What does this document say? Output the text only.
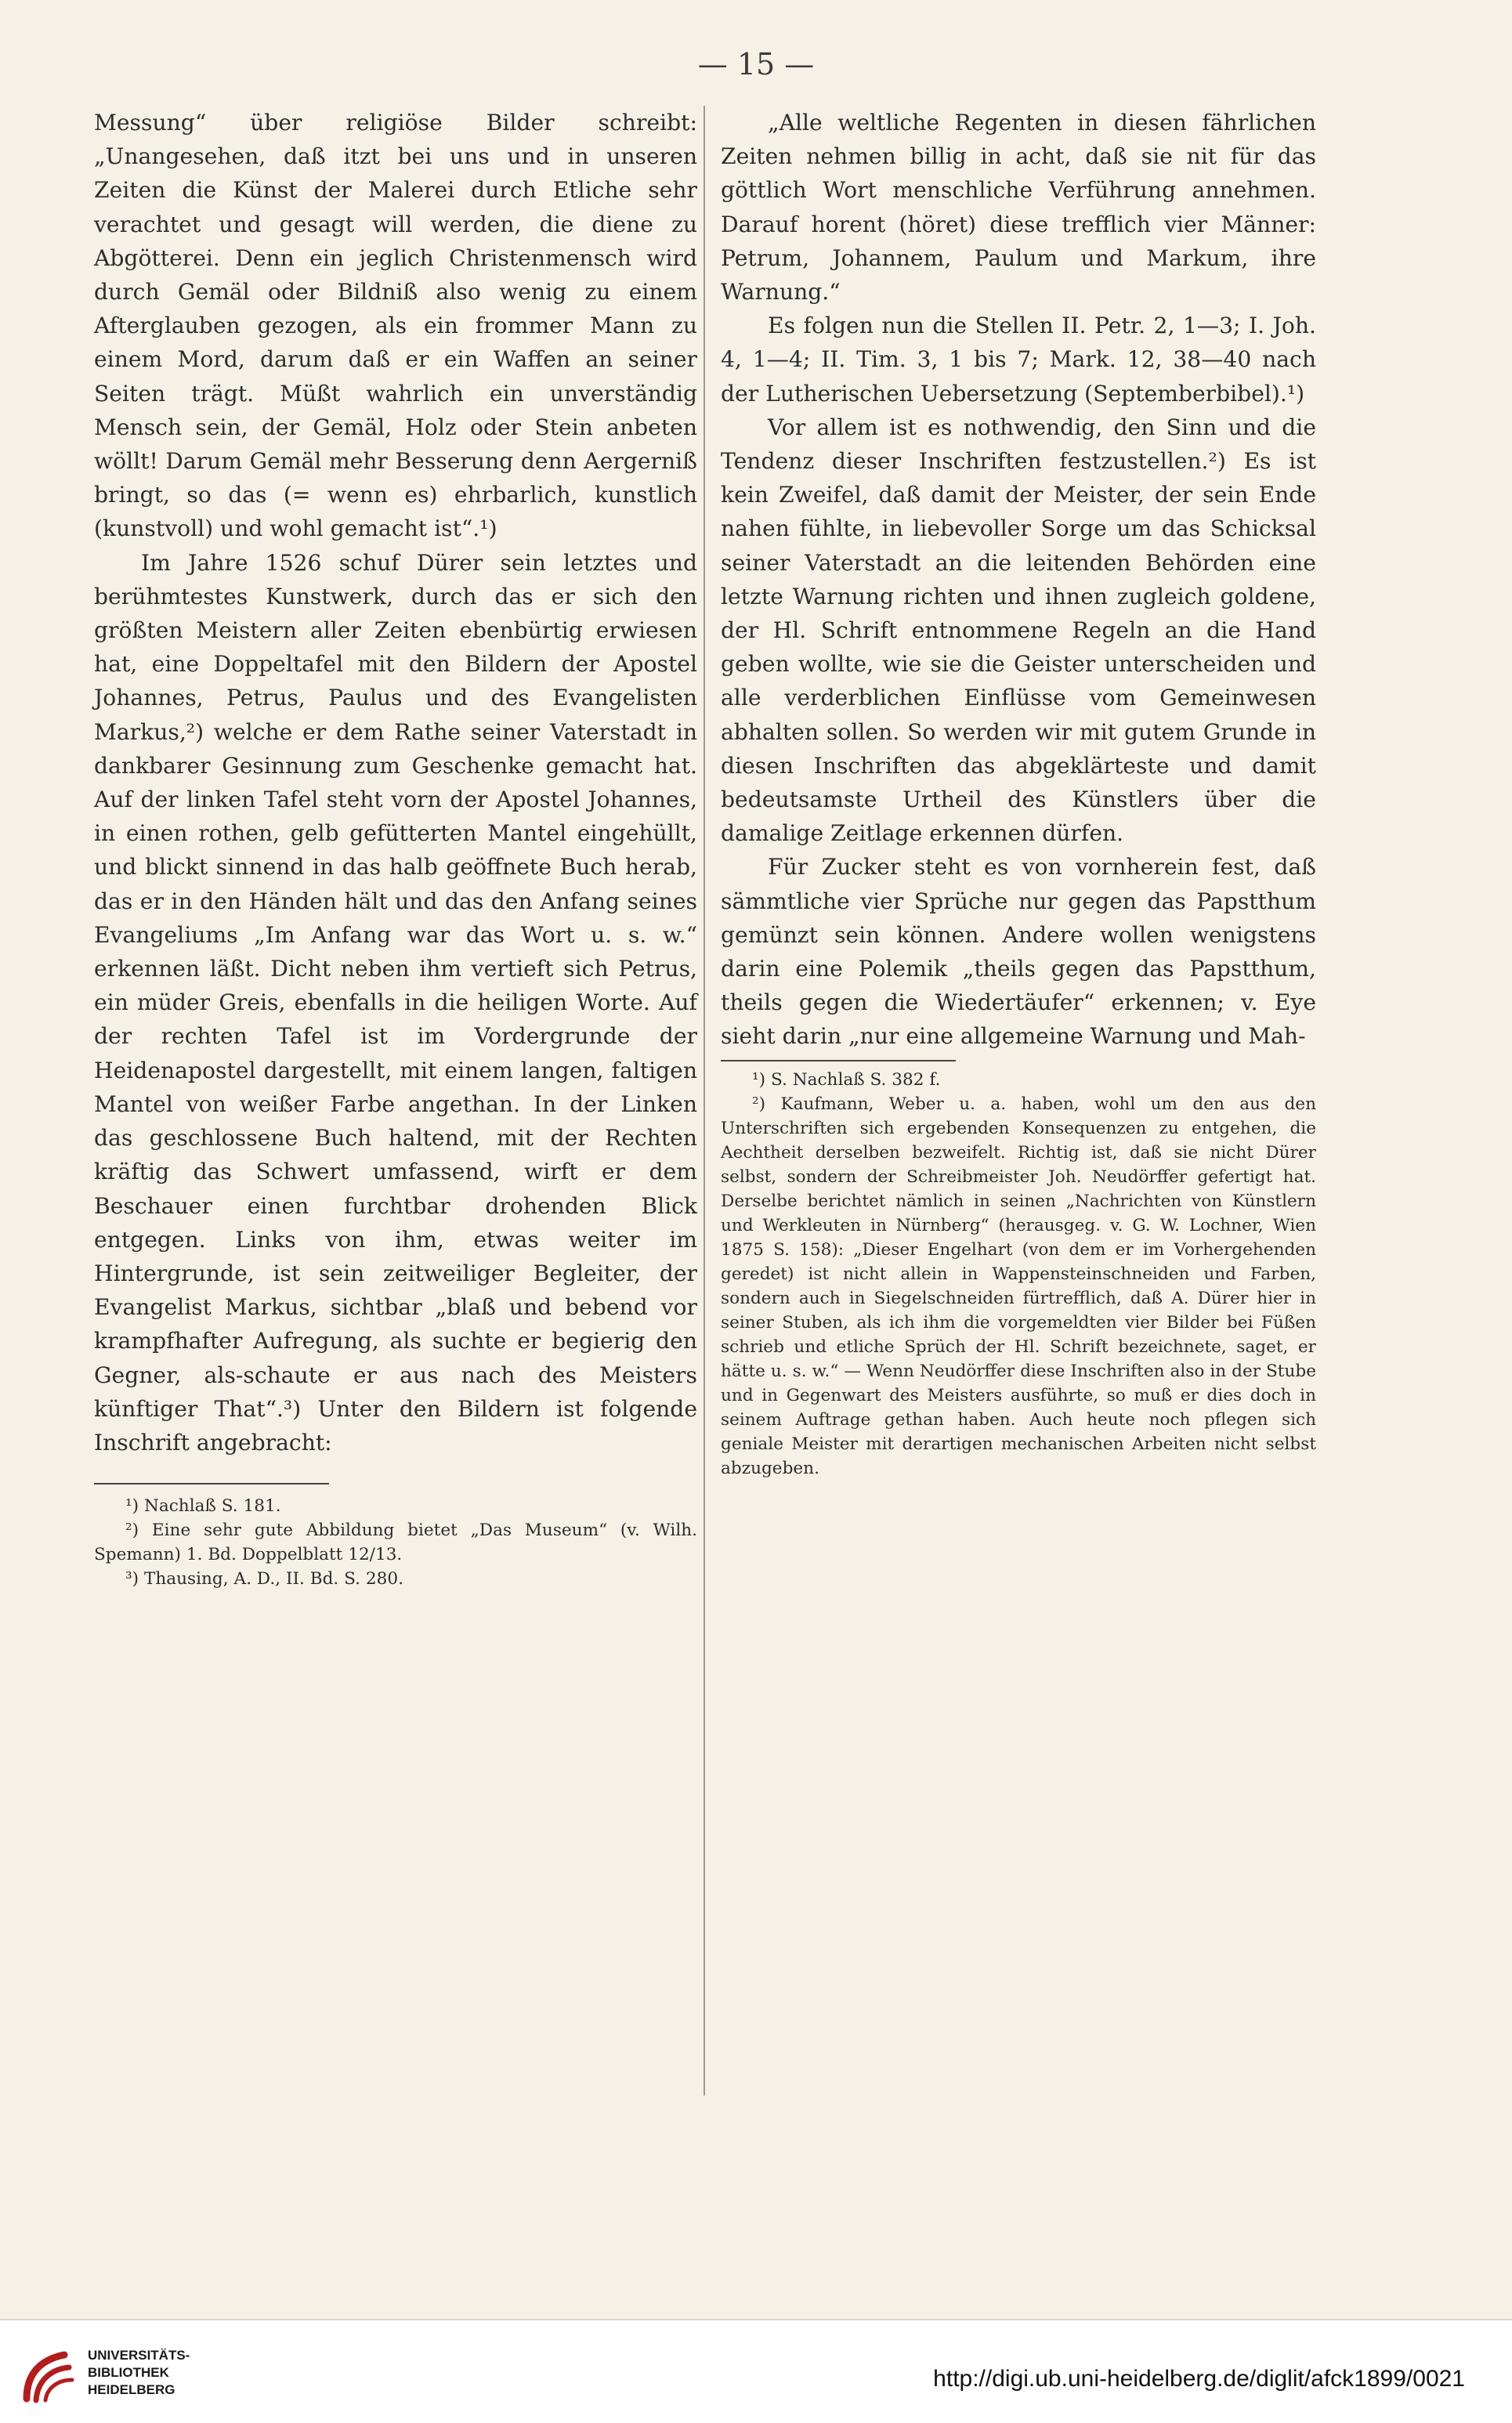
— 15 —

Messung“ über religiöse Bilder schreibt: „Unangesehen, daß itzt bei uns und in unseren Zeiten die Künst der Malerei durch Etliche sehr verachtet und gesagt will werden, die diene zu Abgötterei. Denn ein jeglich Christenmensch wird durch Gemäl oder Bildniß also wenig zu einem Afterglauben gezogen, als ein frommer Mann zu einem Mord, darum daß er ein Waffen an seiner Seiten trägt. Müßt wahrlich ein unverständig Mensch sein, der Gemäl, Holz oder Stein anbeten wöllt! Darum Gemäl mehr Besserung denn Aergerniß bringt, so das (= wenn es) ehrbarlich, kunstlich (kunstvoll) und wohl gemacht ist“.¹)

Im Jahre 1526 schuf Dürer sein letztes und berühmtestes Kunstwerk, durch das er sich den größten Meistern aller Zeiten ebenbürtig erwiesen hat, eine Doppeltafel mit den Bildern der Apostel Johannes, Petrus, Paulus und des Evangelisten Markus,²) welche er dem Rathe seiner Vaterstadt in dankbarer Gesinnung zum Geschenke gemacht hat. Auf der linken Tafel steht vorn der Apostel Johannes, in einen rothen, gelb gefütterten Mantel eingehüllt, und blickt sinnend in das halb geöffnete Buch herab, das er in den Händen hält und das den Anfang seines Evangeliums „Im Anfang war das Wort u. s. w.“ erkennen läßt. Dicht neben ihm vertieft sich Petrus, ein müder Greis, ebenfalls in die heiligen Worte. Auf der rechten Tafel ist im Vordergrunde der Heidenapostel dargestellt, mit einem langen, faltigen Mantel von weißer Farbe angethan. In der Linken das geschlossene Buch haltend, mit der Rechten kräftig das Schwert umfassend, wirft er dem Beschauer einen furchtbar drohenden Blick entgegen. Links von ihm, etwas weiter im Hintergrunde, ist sein zeitweiliger Begleiter, der Evangelist Markus, sichtbar „blaß und bebend vor krampfhafter Aufregung, als suchte er begierig den Gegner, als-schaute er aus nach des Meisters künftiger That“.³) Unter den Bildern ist folgende Inschrift angebracht:

¹) Nachlaß S. 181.

²) Eine sehr gute Abbildung bietet „Das Museum“ (v. Wilh. Spemann) 1. Bd. Doppelblatt 12/13.

³) Thausing, A. D., II. Bd. S. 280.

„Alle weltliche Regenten in diesen fährlichen Zeiten nehmen billig in acht, daß sie nit für das göttlich Wort menschliche Verführung annehmen. Darauf horent (höret) diese trefflich vier Männer: Petrum, Johannem, Paulum und Markum, ihre Warnung.“

Es folgen nun die Stellen II. Petr. 2, 1—3; I. Joh. 4, 1—4; II. Tim. 3, 1 bis 7; Mark. 12, 38—40 nach der Lutherischen Uebersetzung (Septemberbibel).¹)

Vor allem ist es nothwendig, den Sinn und die Tendenz dieser Inschriften festzustellen.²) Es ist kein Zweifel, daß damit der Meister, der sein Ende nahen fühlte, in liebevoller Sorge um das Schicksal seiner Vaterstadt an die leitenden Behörden eine letzte Warnung richten und ihnen zugleich goldene, der Hl. Schrift entnommene Regeln an die Hand geben wollte, wie sie die Geister unterscheiden und alle verderblichen Einflüsse vom Gemeinwesen abhalten sollen. So werden wir mit gutem Grunde in diesen Inschriften das abgeklärteste und damit bedeutsamste Urtheil des Künstlers über die damalige Zeitlage erkennen dürfen.

Für Zucker steht es von vornherein fest, daß sämmtliche vier Sprüche nur gegen das Papstthum gemünzt sein können. Andere wollen wenigstens darin eine Polemik „theils gegen das Papstthum, theils gegen die Wiedertäufer“ erkennen; v. Eye sieht darin „nur eine allgemeine Warnung und Mah-

¹) S. Nachlaß S. 382 f.

²) Kaufmann, Weber u. a. haben, wohl um den aus den Unterschriften sich ergebenden Konsequenzen zu entgehen, die Aechtheit derselben bezweifelt. Richtig ist, daß sie nicht Dürer selbst, sondern der Schreibmeister Joh. Neudörffer gefertigt hat. Derselbe berichtet nämlich in seinen „Nachrichten von Künstlern und Werkleuten in Nürnberg“ (herausgeg. v. G. W. Lochner, Wien 1875 S. 158): „Dieser Engelhart (von dem er im Vorhergehenden geredet) ist nicht allein in Wappensteinschneiden und Farben, sondern auch in Siegelschneiden fürtrefflich, daß A. Dürer hier in seiner Stuben, als ich ihm die vorgemeldten vier Bilder bei Füßen schrieb und etliche Sprüch der Hl. Schrift bezeichnete, saget, er hätte u. s. w.“ — Wenn Neudörffer diese Inschriften also in der Stube und in Gegenwart des Meisters ausführte, so muß er dies doch in seinem Auftrage gethan haben. Auch heute noch pflegen sich geniale Meister mit derartigen mechanischen Arbeiten nicht selbst abzugeben.

UNIVERSITÄTS-
BIBLIOTHEK
HEIDELBERG	http://digi.ub.uni-heidelberg.de/diglit/afck1899/0021
